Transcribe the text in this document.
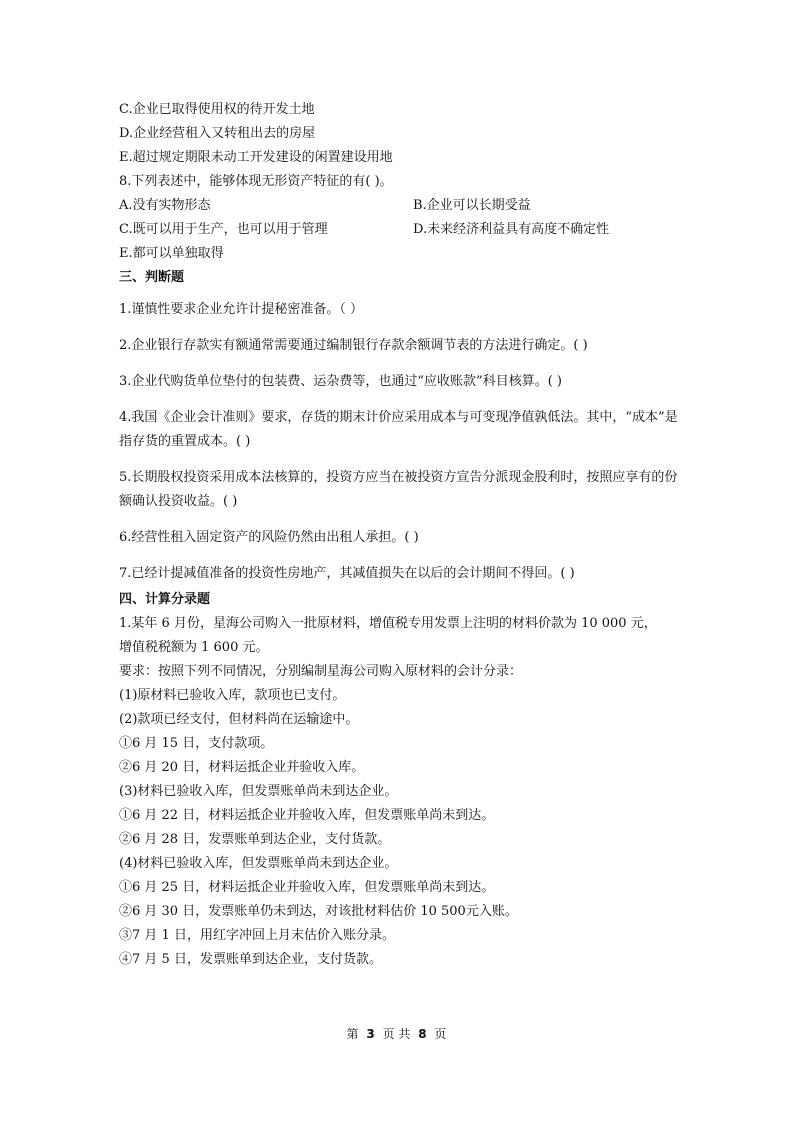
C.企业已取得使用权的待开发土地
D.企业经营租入又转租出去的房屋
E.超过规定期限未动工开发建设的闲置建设用地
8.下列表述中，能够体现无形资产特征的有( )。
A.没有实物形态	B.企业可以长期受益
C.既可以用于生产，也可以用于管理	D.未来经济利益具有高度不确定性
E.都可以单独取得
三、判断题
1.谨慎性要求企业允许计提秘密准备。（ ）
2.企业银行存款实有额通常需要通过编制银行存款余额调节表的方法进行确定。( )
3.企业代购货单位垫付的包装费、运杂费等，也通过“应收账款”科目核算。( )
4.我国《企业会计准则》要求，存货的期末计价应采用成本与可变现净值孰低法。其中，“成本”是指存货的重置成本。( )
5.长期股权投资采用成本法核算的，投资方应当在被投资方宣告分派现金股利时，按照应享有的份额确认投资收益。( )
6.经营性租入固定资产的风险仍然由出租人承担。( )
7.已经计提减值准备的投资性房地产，其减值损失在以后的会计期间不得回。( )
四、计算分录题
1.某年 6 月份，星海公司购入一批原材料，增值税专用发票上注明的材料价款为 10 000 元，
增值税税额为 1 600 元。
要求：按照下列不同情况，分别编制星海公司购入原材料的会计分录：
(1)原材料已验收入库，款项也已支付。
(2)款项已经支付，但材料尚在运输途中。
①6 月 15 日，支付款项。
②6 月 20 日，材料运抵企业并验收入库。
(3)材料已验收入库，但发票账单尚未到达企业。
①6 月 22 日，材料运抵企业并验收入库，但发票账单尚未到达。
②6 月 28 日，发票账单到达企业，支付货款。
(4)材料已验收入库，但发票账单尚未到达企业。
①6 月 25 日，材料运抵企业并验收入库，但发票账单尚未到达。
②6 月 30 日，发票账单仍未到达，对该批材料估价 10 500元入账。
③7 月 1 日，用红字冲回上月末估价入账分录。
④7 月 5 日，发票账单到达企业，支付货款。
第 3 页 共 8 页
